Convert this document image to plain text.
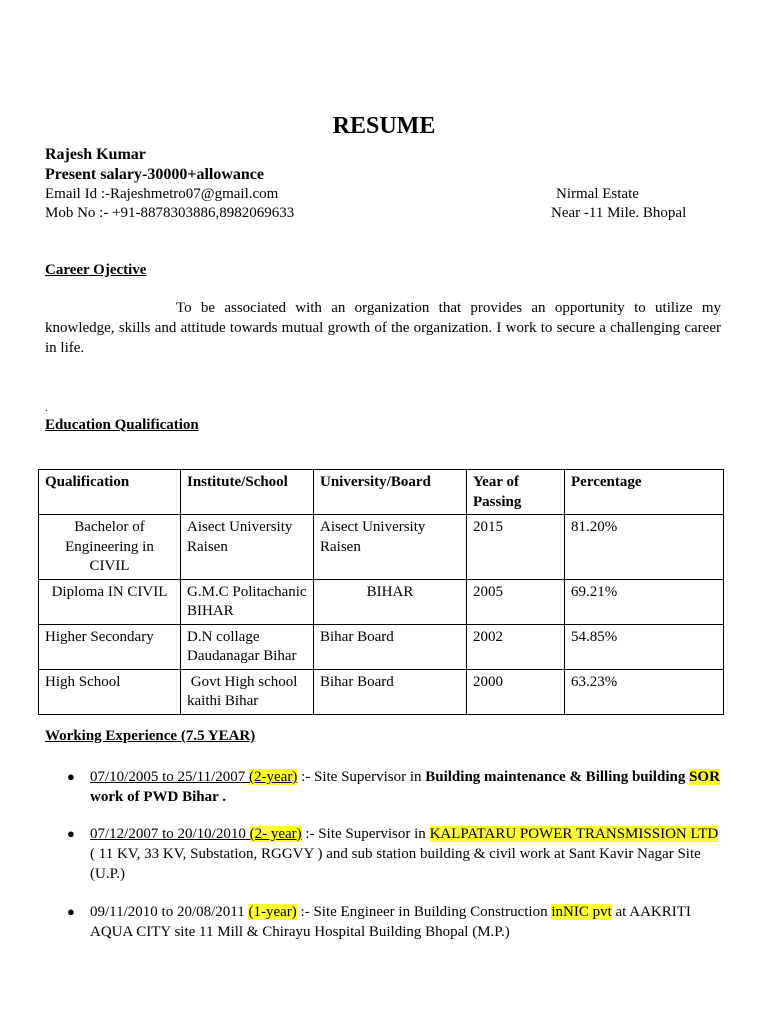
RESUME
Rajesh Kumar
Present salary-30000+allowance
Email Id :-Rajeshmetro07@gmail.com
Mob No :- +91-8878303886,8982069633
Nirmal Estate
Near -11 Mile. Bhopal
Career Ojective
To be associated with an organization that provides an opportunity to utilize my knowledge, skills and attitude towards mutual growth of the organization. I work to secure a challenging career in life.
.
Education Qualification
Qualification	Institute/School	University/Board	Year of Passing	Percentage
Bachelor of Engineering in CIVIL	Aisect University Raisen	Aisect University Raisen	2015	81.20%
Diploma IN CIVIL	G.M.C Politachanic BIHAR	BIHAR	2005	69.21%
Higher Secondary	D.N collage Daudanagar Bihar	Bihar Board	2002	54.85%
High School	Govt High school kaithi Bihar	Bihar Board	2000	63.23%
Working Experience (7.5 YEAR)
● 07/10/2005 to 25/11/2007 (2-year) :- Site Supervisor in Building maintenance & Billing building SOR work of PWD Bihar .
● 07/12/2007 to 20/10/2010 (2- year) :- Site Supervisor in KALPATARU POWER TRANSMISSION LTD ( 11 KV, 33 KV, Substation, RGGVY ) and sub station building & civil work at Sant Kavir Nagar Site (U.P.)
● 09/11/2010 to 20/08/2011 (1-year) :- Site Engineer in Building Construction inNIC pvt at AAKRITI AQUA CITY site 11 Mill & Chirayu Hospital Building Bhopal (M.P.)
